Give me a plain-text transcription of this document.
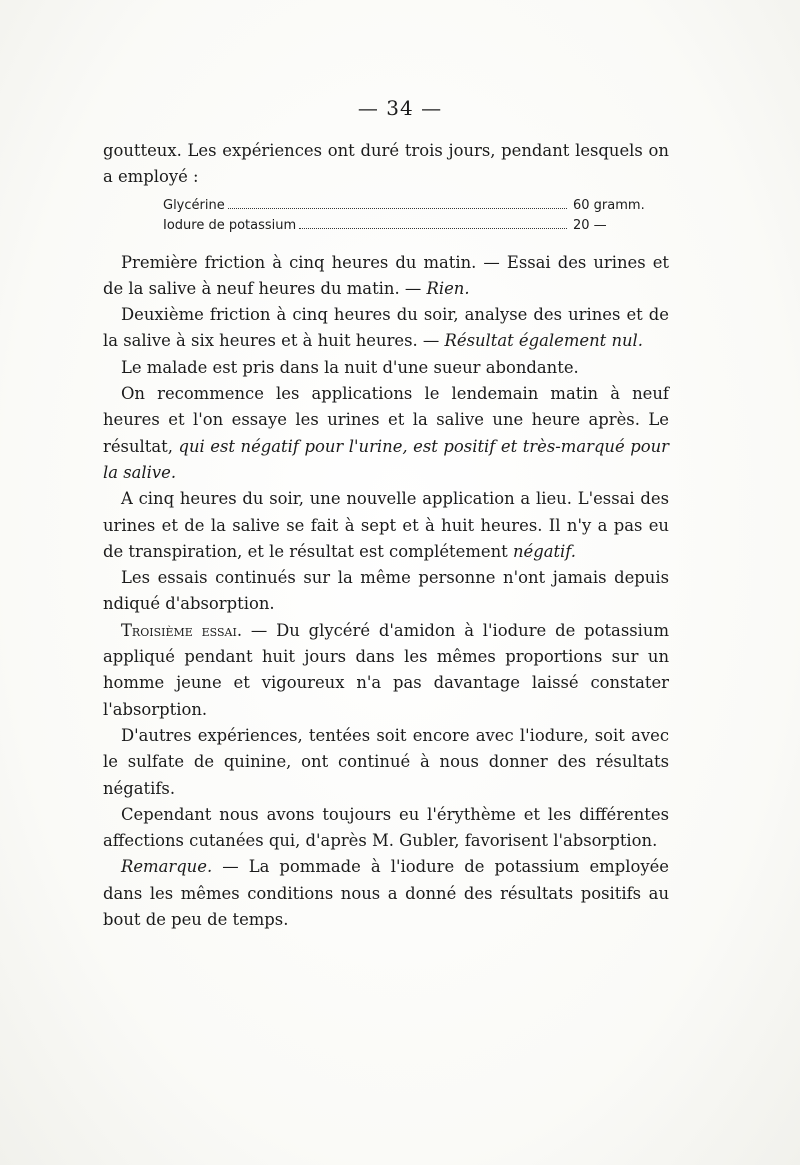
— 34 —

goutteux. Les expériences ont duré trois jours, pendant lesquels on a employé :

Glycérine	60 gramm.
Iodure de potassium	20 —

Première friction à cinq heures du matin. — Essai des urines et de la salive à neuf heures du matin. — Rien.

Deuxième friction à cinq heures du soir, analyse des urines et de la salive à six heures et à huit heures. — Résultat également nul.

Le malade est pris dans la nuit d'une sueur abondante.

On recommence les applications le lendemain matin à neuf heures et l'on essaye les urines et la salive une heure après. Le résultat, qui est négatif pour l'urine, est positif et très-marqué pour la salive.

A cinq heures du soir, une nouvelle application a lieu. L'essai des urines et de la salive se fait à sept et à huit heures. Il n'y a pas eu de transpiration, et le résultat est complétement négatif.

Les essais continués sur la même personne n'ont jamais depuis ndiqué d'absorption.

Troisième essai. — Du glycéré d'amidon à l'iodure de potassium appliqué pendant huit jours dans les mêmes proportions sur un homme jeune et vigoureux n'a pas davantage laissé constater l'absorption.

D'autres expériences, tentées soit encore avec l'iodure, soit avec le sulfate de quinine, ont continué à nous donner des résultats négatifs.

Cependant nous avons toujours eu l'érythème et les différentes affections cutanées qui, d'après M. Gubler, favorisent l'absorption.

Remarque. — La pommade à l'iodure de potassium employée dans les mêmes conditions nous a donné des résultats positifs au bout de peu de temps.
